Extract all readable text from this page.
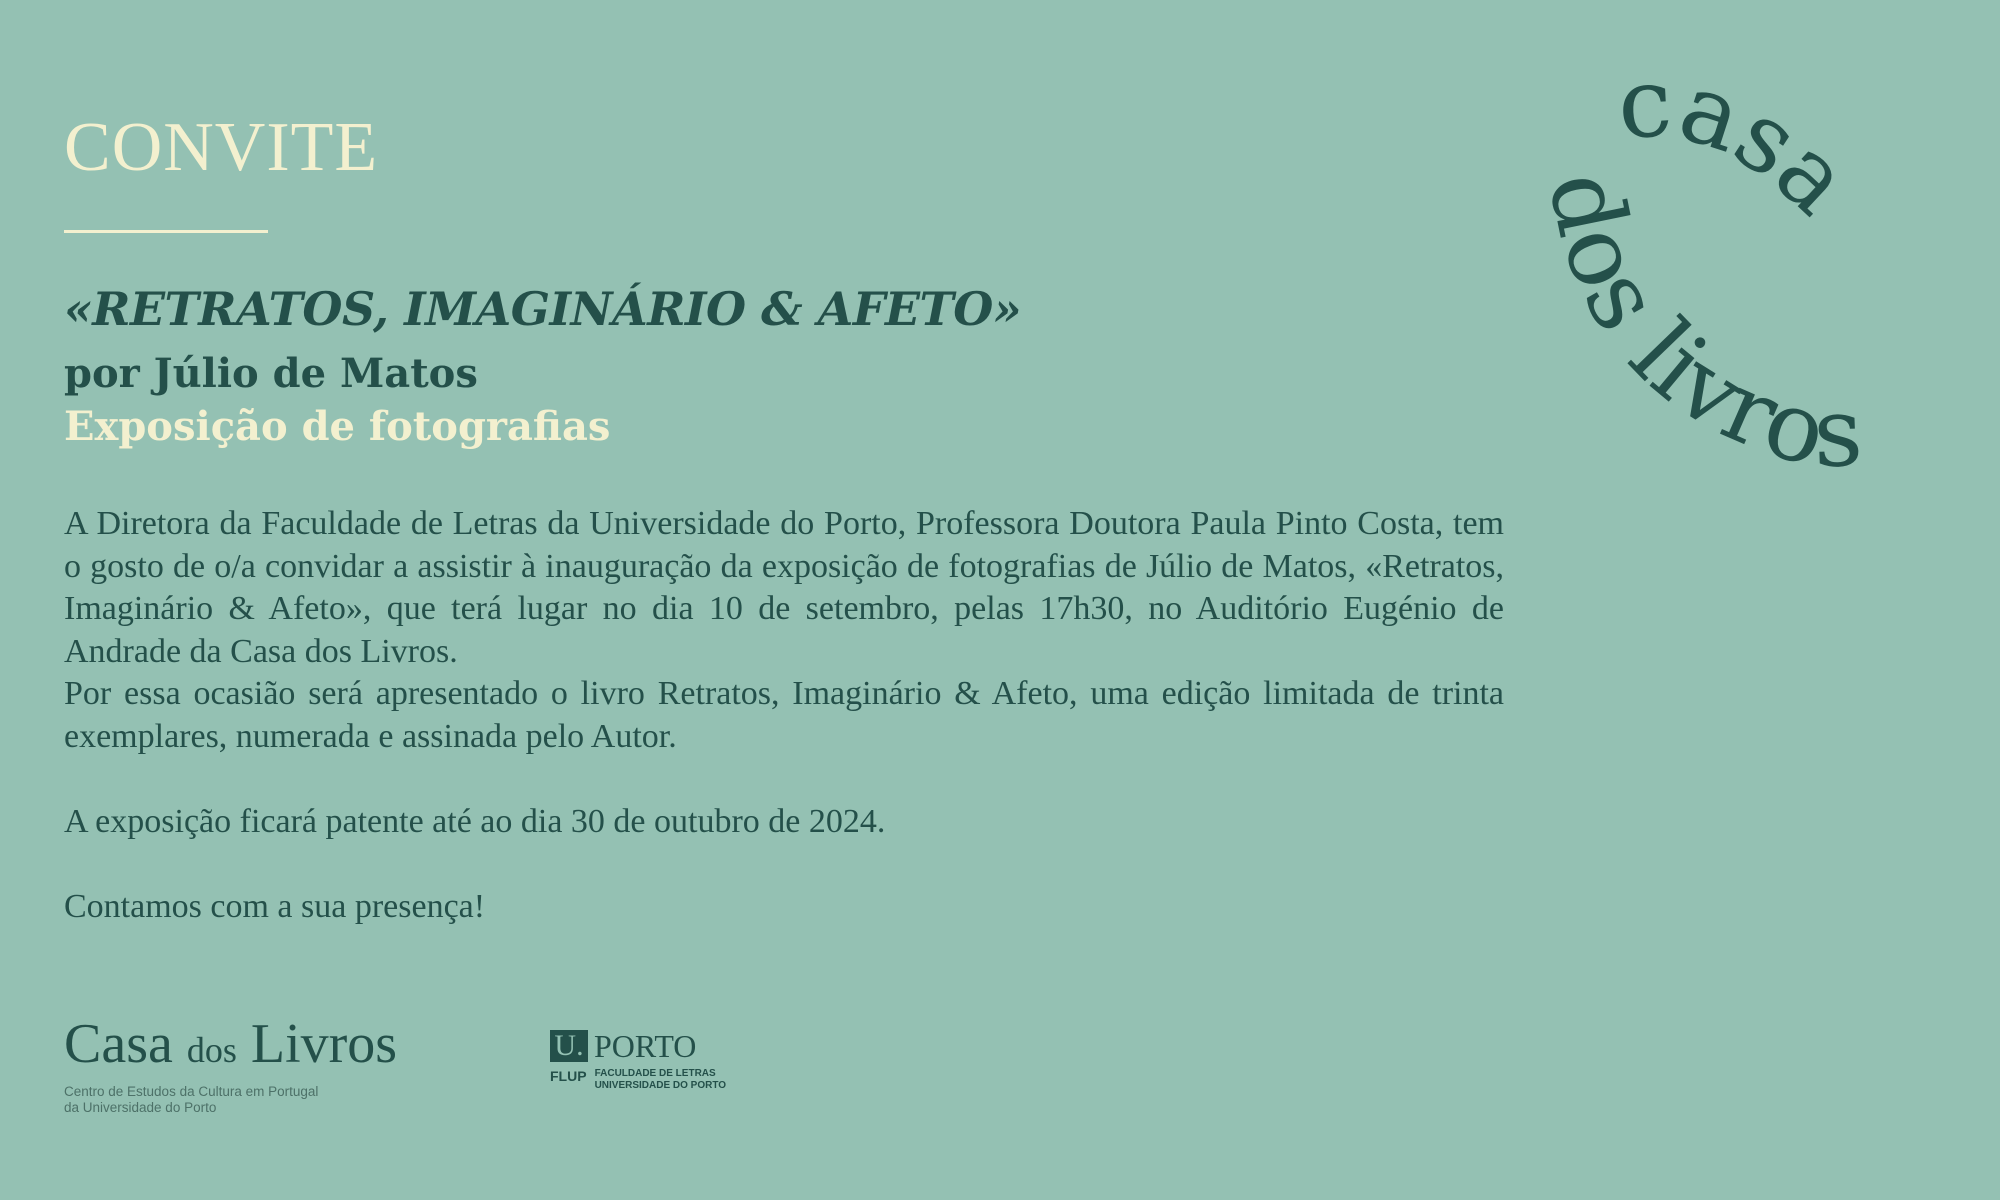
CONVITE
«RETRATOS, IMAGINÁRIO & AFETO»
por Júlio de Matos
Exposição de fotografias

A Diretora da Faculdade de Letras da Universidade do Porto, Professora Doutora Paula Pinto Costa, tem o gosto de o/a convidar a assistir à inauguração da exposição de fotografias de Júlio de Matos, «Retratos, Imaginário & Afeto», que terá lugar no dia 10 de setembro, pelas 17h30, no Auditório Eugénio de Andrade da Casa dos Livros.

Por essa ocasião será apresentado o livro Retratos, Imaginário & Afeto, uma edição limitada de trinta exemplares, numerada e assinada pelo Autor.

A exposição ficará patente até ao dia 30 de outubro de 2024.

Contamos com a sua presença!

casa
dos livros
Casa dos Livros
Centro de Estudos da Cultura em Portugal
da Universidade do Porto
U. PORTO
FLUP FACULDADE DE LETRAS
UNIVERSIDADE DO PORTO
